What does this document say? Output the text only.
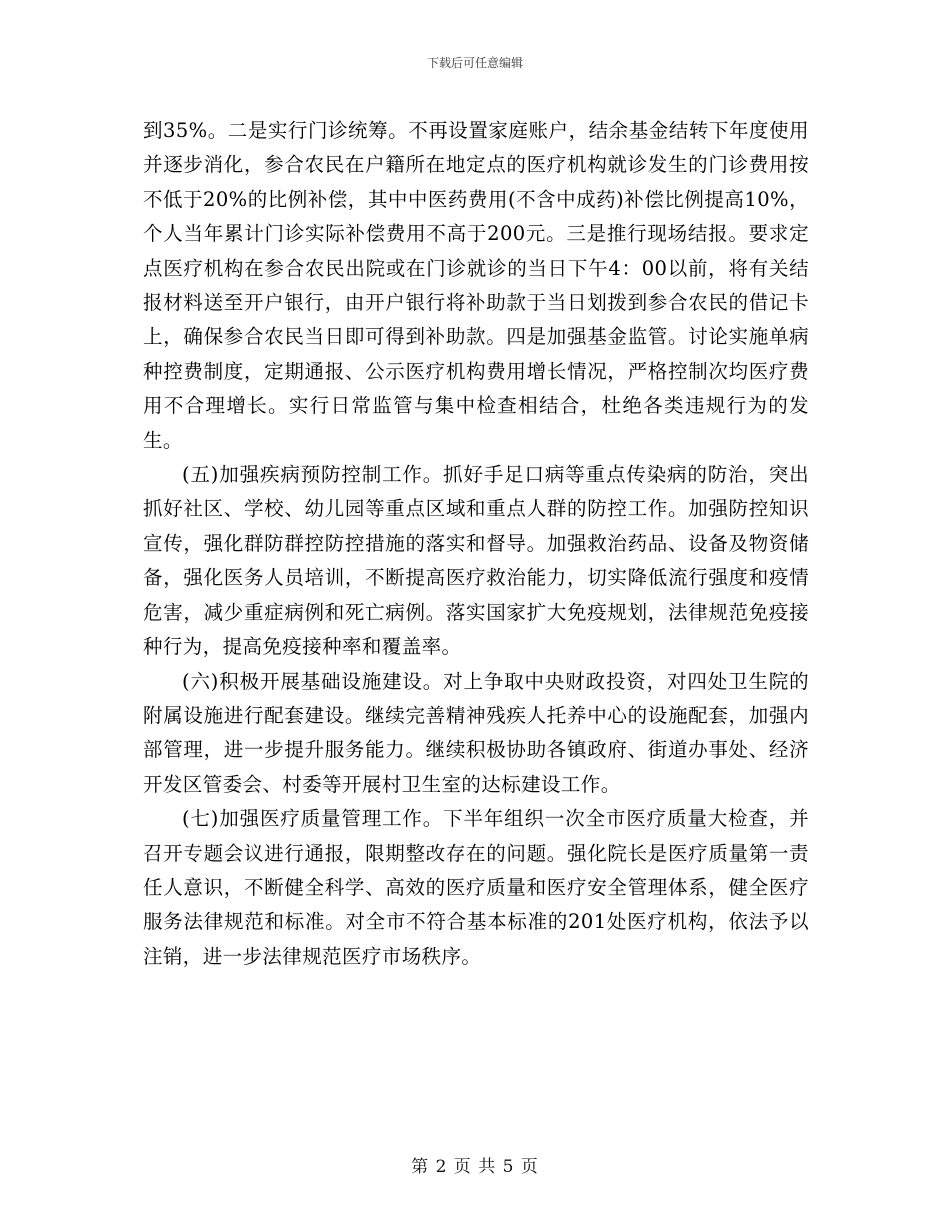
下载后可任意编辑

到35%。二是实行门诊统筹。不再设置家庭账户，结余基金结转下年度使用并逐步消化，参合农民在户籍所在地定点的医疗机构就诊发生的门诊费用按不低于20%的比例补偿，其中中医药费用(不含中成药)补偿比例提高10%，个人当年累计门诊实际补偿费用不高于200元。三是推行现场结报。要求定点医疗机构在参合农民出院或在门诊就诊的当日下午4：00以前，将有关结报材料送至开户银行，由开户银行将补助款于当日划拨到参合农民的借记卡上，确保参合农民当日即可得到补助款。四是加强基金监管。讨论实施单病种控费制度，定期通报、公示医疗机构费用增长情况，严格控制次均医疗费用不合理增长。实行日常监管与集中检查相结合，杜绝各类违规行为的发生。

(五)加强疾病预防控制工作。抓好手足口病等重点传染病的防治，突出抓好社区、学校、幼儿园等重点区域和重点人群的防控工作。加强防控知识宣传，强化群防群控防控措施的落实和督导。加强救治药品、设备及物资储备，强化医务人员培训，不断提高医疗救治能力，切实降低流行强度和疫情危害，减少重症病例和死亡病例。落实国家扩大免疫规划，法律规范免疫接种行为，提高免疫接种率和覆盖率。

(六)积极开展基础设施建设。对上争取中央财政投资，对四处卫生院的附属设施进行配套建设。继续完善精神残疾人托养中心的设施配套，加强内部管理，进一步提升服务能力。继续积极协助各镇政府、街道办事处、经济开发区管委会、村委等开展村卫生室的达标建设工作。

(七)加强医疗质量管理工作。下半年组织一次全市医疗质量大检查，并召开专题会议进行通报，限期整改存在的问题。强化院长是医疗质量第一责任人意识，不断健全科学、高效的医疗质量和医疗安全管理体系，健全医疗服务法律规范和标准。对全市不符合基本标准的201处医疗机构，依法予以注销，进一步法律规范医疗市场秩序。

第 2 页 共 5 页
